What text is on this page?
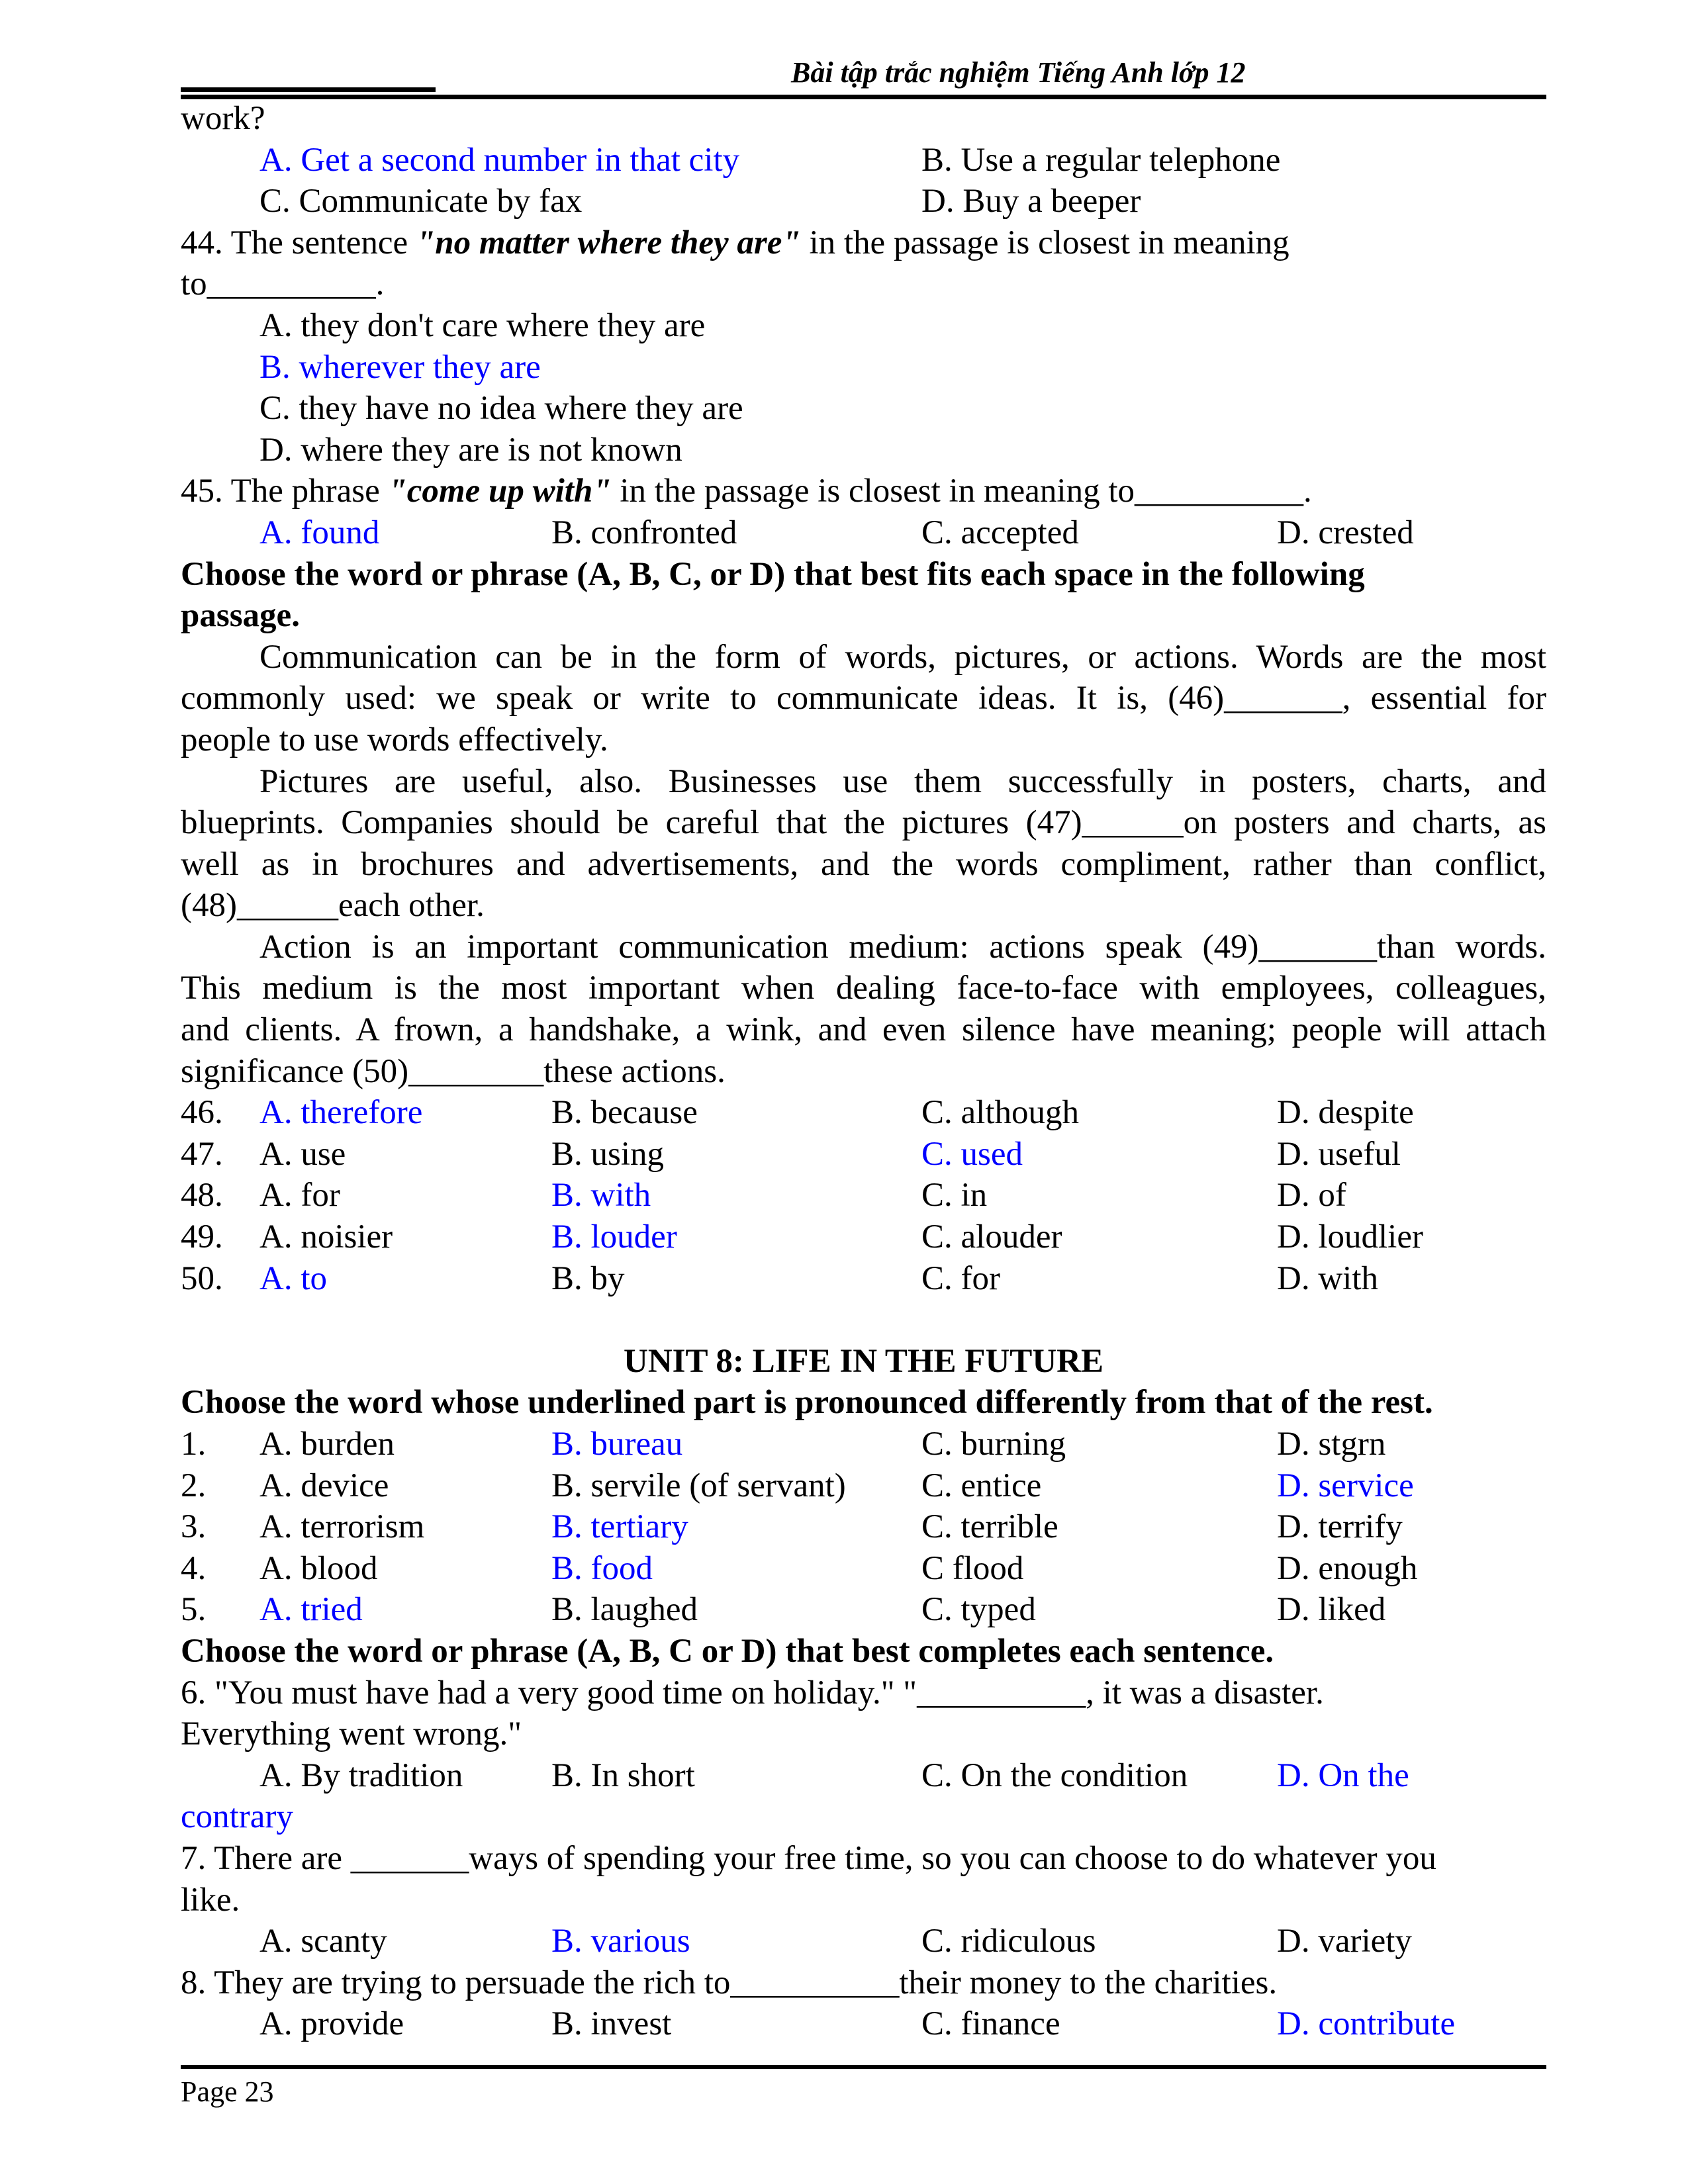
Bài tập trắc nghiệm Tiếng Anh lớp 12
work?
A. Get a second number in that city	B. Use a regular telephone
C. Communicate by fax	D. Buy a beeper
44. The sentence "no matter where they are" in the passage is closest in meaning
to__________.
A. they don't care where they are
B. wherever they are
C. they have no idea where they are
D. where they are is not known
45. The phrase "come up with" in the passage is closest in meaning to__________.
A. found	B. confronted	C. accepted	D. crested
Choose the word or phrase (A, B, C, or D) that best fits each space in the following
passage.
Communication can be in the form of words, pictures, or actions. Words are the most
commonly used: we speak or write to communicate ideas. It is, (46)_______, essential for
people to use words effectively.
Pictures are useful, also. Businesses use them successfully in posters, charts, and
blueprints. Companies should be careful that the pictures (47)______on posters and charts, as
well as in brochures and advertisements, and the words compliment, rather than conflict,
(48)______each other.
Action is an important communication medium: actions speak (49)_______than words.
This medium is the most important when dealing face-to-face with employees, colleagues,
and clients. A frown, a handshake, a wink, and even silence have meaning; people will attach
significance (50)________these actions.
46. A. therefore	B. because	C. although	D. despite
47. A. use	B. using	C. used	D. useful
48. A. for	B. with	C. in	D. of
49. A. noisier	B. louder	C. alouder	D. loudlier
50. A. to	B. by	C. for	D. with
UNIT 8: LIFE IN THE FUTURE
Choose the word whose underlined part is pronounced differently from that of the rest.
1. A. burden	B. bureau	C. burning	D. stgrn
2. A. device	B. servile (of servant) C. entice	D. service
3. A. terrorism	B. tertiary	C. terrible	D. terrify
4. A. blood	B. food	C flood	D. enough
5. A. tried	B. laughed	C. typed	D. liked
Choose the word or phrase (A, B, C or D) that best completes each sentence.
6. "You must have had a very good time on holiday." "__________, it was a disaster.
Everything went wrong."
A. By tradition	B. In short	C. On the condition	D. On the
contrary
7. There are _______ways of spending your free time, so you can choose to do whatever you
like.
A. scanty	B. various	C. ridiculous	D. variety
8. They are trying to persuade the rich to__________their money to the charities.
A. provide	B. invest	C. finance	D. contribute
Page 23
